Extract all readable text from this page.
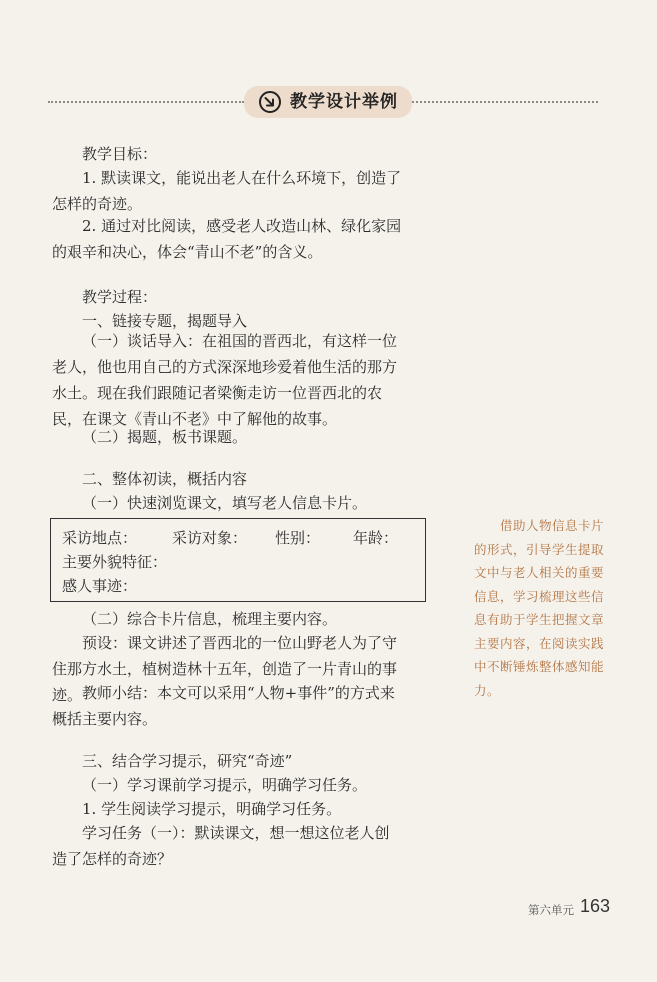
教学设计举例

教学目标：

1. 默读课文，能说出老人在什么环境下，创造了怎样的奇迹。

2. 通过对比阅读，感受老人改造山林、绿化家园的艰辛和决心，体会“青山不老”的含义。

教学过程：

一、链接专题，揭题导入

（一）谈话导入：在祖国的晋西北，有这样一位老人，他也用自己的方式深深地珍爱着他生活的那方水土。现在我们跟随记者梁衡走访一位晋西北的农民，在课文《青山不老》中了解他的故事。

（二）揭题，板书课题。

二、整体初读，概括内容

（一）快速浏览课文，填写老人信息卡片。

采访地点： 采访对象： 性别： 年龄：
主要外貌特征：
感人事迹：

（二）综合卡片信息，梳理主要内容。

预设：课文讲述了晋西北的一位山野老人为了守住那方水土，植树造林十五年，创造了一片青山的事迹。 教师小结：本文可以采用“人物+事件”的方式来概括主要内容。

三、结合学习提示，研究“奇迹”

（一）学习课前学习提示，明确学习任务。

1. 学生阅读学习提示，明确学习任务。

学习任务（一）：默读课文，想一想这位老人创造了怎样的奇迹？

借助人物信息卡片的形式，引导学生提取文中与老人相关的重要信息，学习梳理这些信息有助于学生把握文章主要内容，在阅读实践中不断锤炼整体感知能力。

第六单元 163
